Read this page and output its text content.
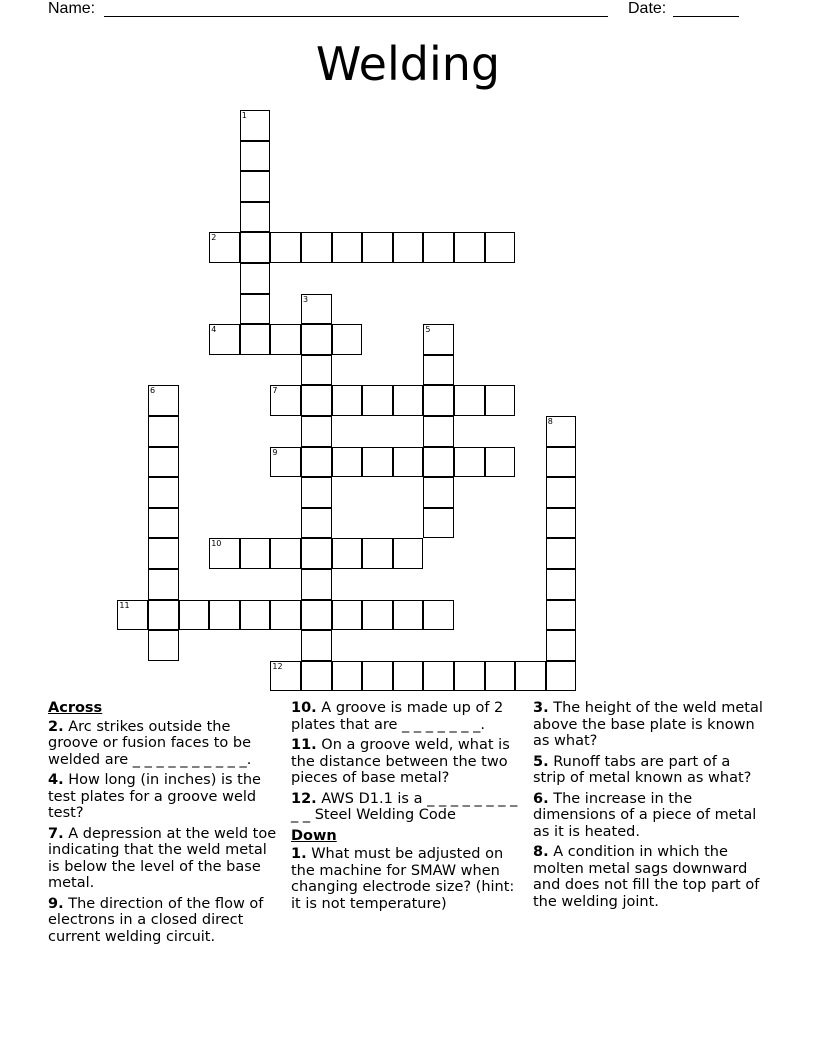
Name:	Date:
Welding
1
2
3
4	5
6	7
8
9
10
11
12
Across
2. Arc strikes outside the groove or fusion faces to be welded are _ _ _ _ _ _ _ _ _ _.
4. How long (in inches) is the test plates for a groove weld test?
7. A depression at the weld toe indicating that the weld metal is below the level of the base metal.
9. The direction of the flow of electrons in a closed direct current welding circuit.
10. A groove is made up of 2 plates that are _ _ _ _ _ _ _.
11. On a groove weld, what is the distance between the two pieces of base metal?
12. AWS D1.1 is a _ _ _ _ _ _ _ _ _ _ Steel Welding Code
Down
1. What must be adjusted on the machine for SMAW when changing electrode size? (hint: it is not temperature)
3. The height of the weld metal above the base plate is known as what?
5. Runoff tabs are part of a strip of metal known as what?
6. The increase in the dimensions of a piece of metal as it is heated.
8. A condition in which the molten metal sags downward and does not fill the top part of the welding joint.
